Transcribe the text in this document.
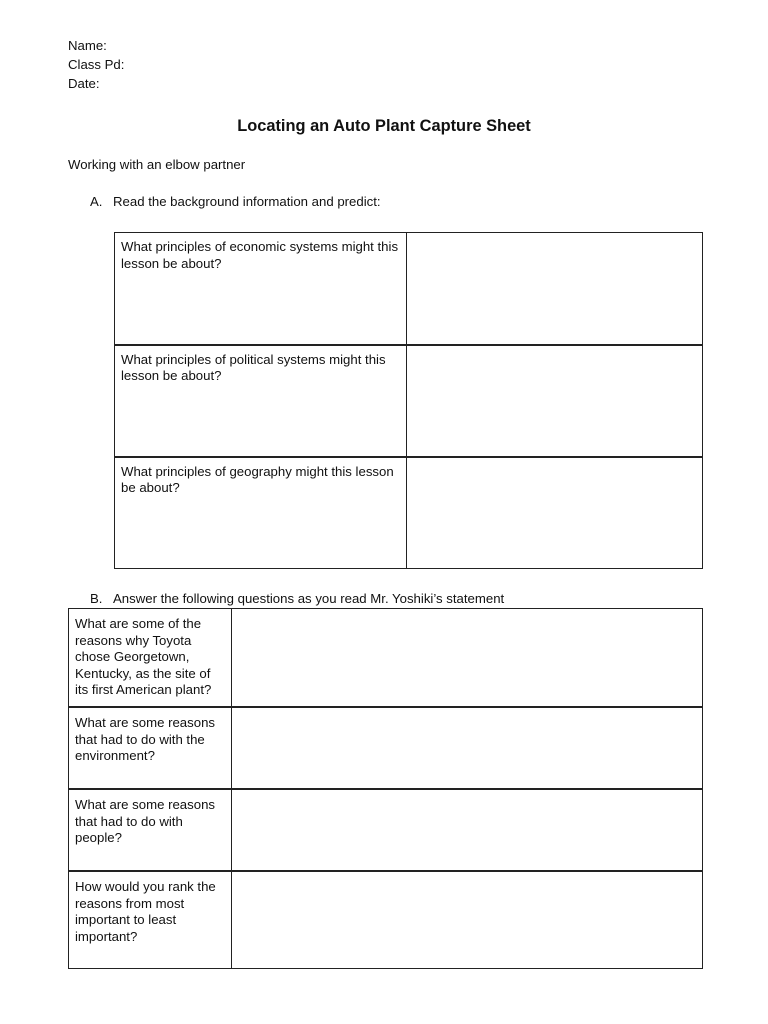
Name:
Class Pd:
Date:
Locating an Auto Plant Capture Sheet
Working with an elbow partner
A. Read the background information and predict:
What principles of economic systems might this lesson be about?	
What principles of political systems might this lesson be about?	
What principles of geography might this lesson be about?	
B. Answer the following questions as you read Mr. Yoshiki’s statement
What are some of the reasons why Toyota chose Georgetown, Kentucky, as the site of its first American plant?	
What are some reasons that had to do with the environment?	
What are some reasons that had to do with people?	
How would you rank the reasons from most important to least important?	
